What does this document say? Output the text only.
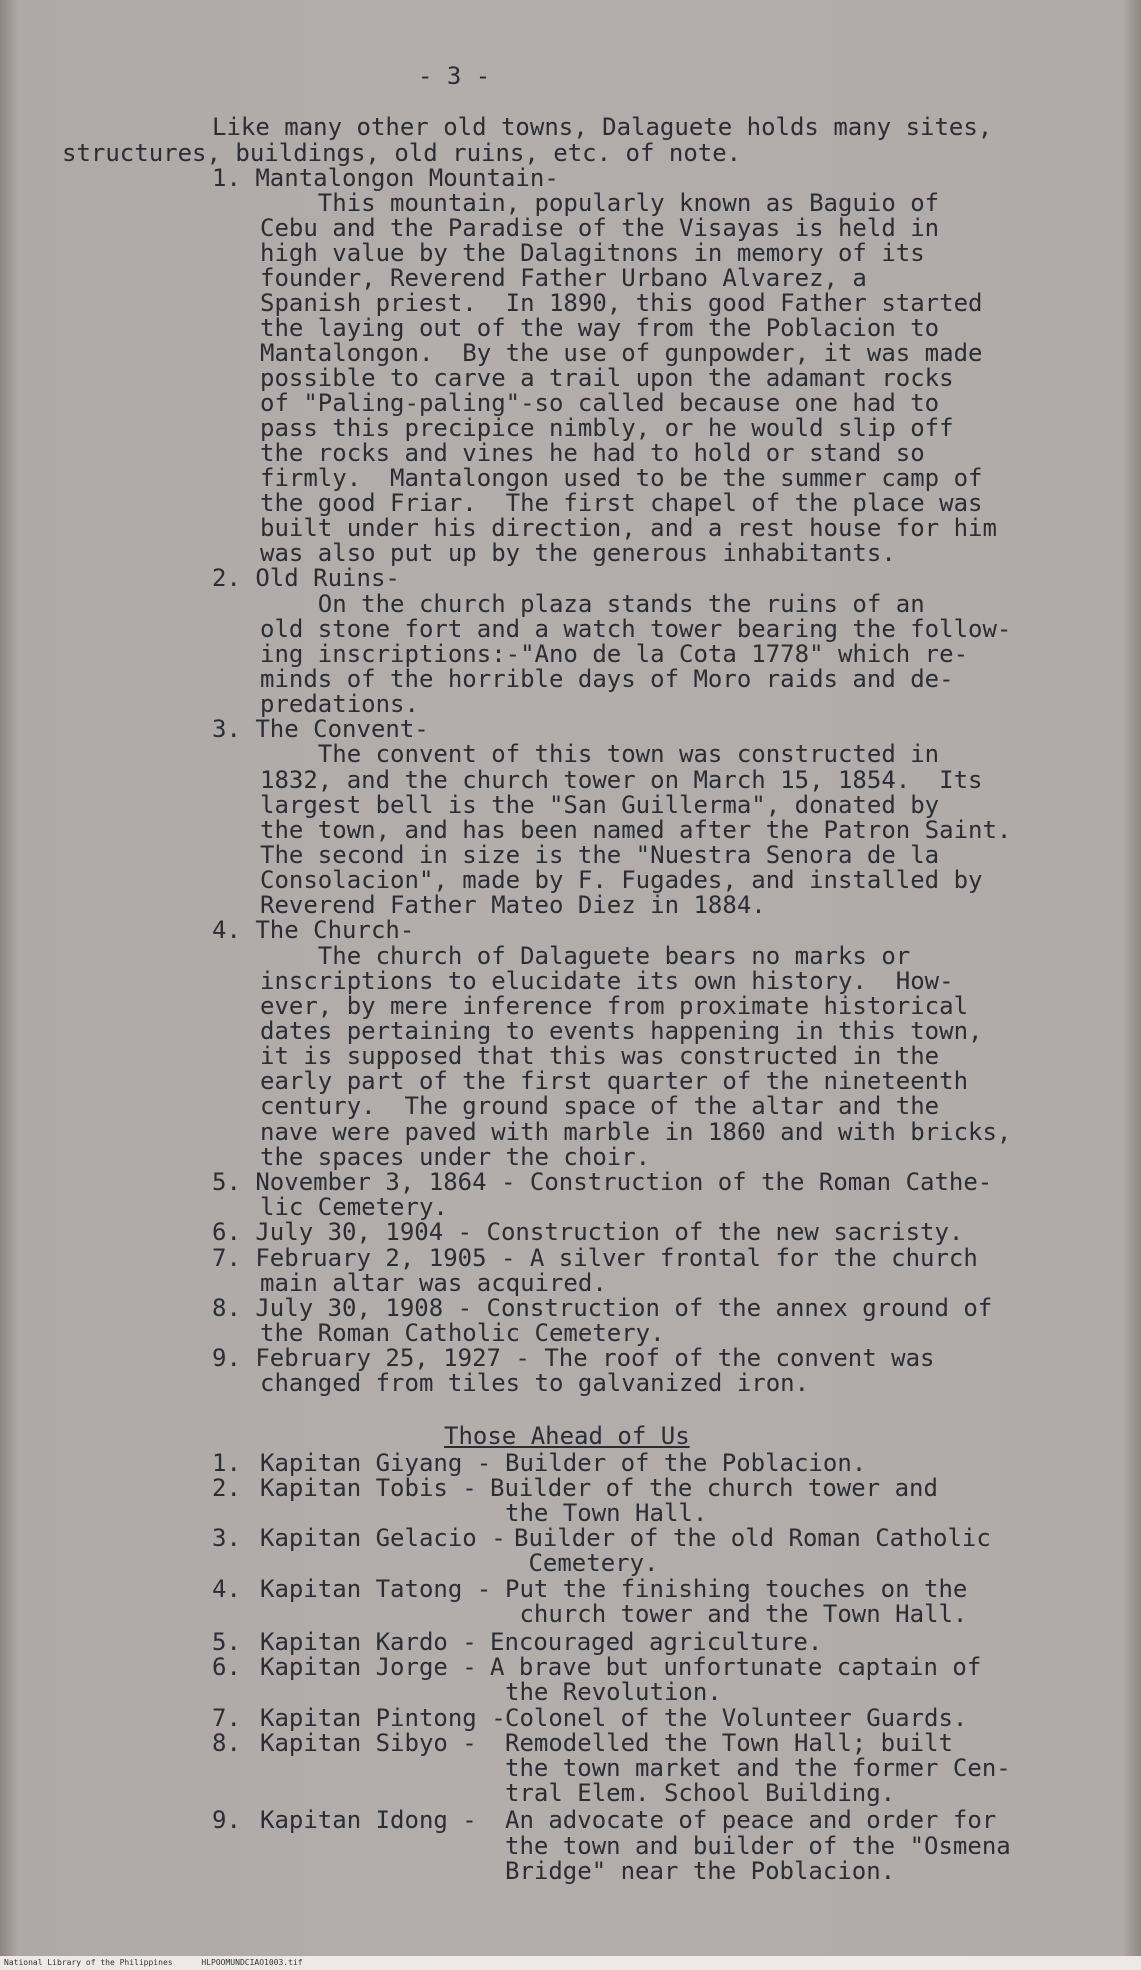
- 3 -
Like many other old towns, Dalaguete holds many sites,
structures, buildings, old ruins, etc. of note.
1. Mantalongon Mountain-
This mountain, popularly known as Baguio of
Cebu and the Paradise of the Visayas is held in
high value by the Dalagitnons in memory of its
founder, Reverend Father Urbano Alvarez, a
Spanish priest.  In 1890, this good Father started
the laying out of the way from the Poblacion to
Mantalongon.  By the use of gunpowder, it was made
possible to carve a trail upon the adamant rocks
of "Paling-paling"-so called because one had to
pass this precipice nimbly, or he would slip off
the rocks and vines he had to hold or stand so
firmly.  Mantalongon used to be the summer camp of
the good Friar.  The first chapel of the place was
built under his direction, and a rest house for him
was also put up by the generous inhabitants.
2. Old Ruins-
On the church plaza stands the ruins of an
old stone fort and a watch tower bearing the follow-
ing inscriptions:-"Ano de la Cota 1778" which re-
minds of the horrible days of Moro raids and de-
predations.
3. The Convent-
The convent of this town was constructed in
1832, and the church tower on March 15, 1854.  Its
largest bell is the "San Guillerma", donated by
the town, and has been named after the Patron Saint.
The second in size is the "Nuestra Senora de la
Consolacion", made by F. Fugades, and installed by
Reverend Father Mateo Diez in 1884.
4. The Church-
The church of Dalaguete bears no marks or
inscriptions to elucidate its own history.  How-
ever, by mere inference from proximate historical
dates pertaining to events happening in this town,
it is supposed that this was constructed in the
early part of the first quarter of the nineteenth
century.  The ground space of the altar and the
nave were paved with marble in 1860 and with bricks,
the spaces under the choir.
5. November 3, 1864 - Construction of the Roman Cathe-
lic Cemetery.
6. July 30, 1904 - Construction of the new sacristy.
7. February 2, 1905 - A silver frontal for the church
main altar was acquired.
8. July 30, 1908 - Construction of the annex ground of
the Roman Catholic Cemetery.
9. February 25, 1927 - The roof of the convent was
changed from tiles to galvanized iron.
Those Ahead of Us
1. Kapitan Giyang - Builder of the Poblacion.
2. Kapitan Tobis - Builder of the church tower and
the Town Hall.
3. Kapitan Gelacio - Builder of the old Roman Catholic
Cemetery.
4. Kapitan Tatong - Put the finishing touches on the
church tower and the Town Hall.
5. Kapitan Kardo - Encouraged agriculture.
6. Kapitan Jorge - A brave but unfortunate captain of
the Revolution.
7. Kapitan Pintong - Colonel of the Volunteer Guards.
8. Kapitan Sibyo - Remodelled the Town Hall; built
the town market and the former Cen-
tral Elem. School Building.
9. Kapitan Idong - An advocate of peace and order for
the town and builder of the "Osmena
Bridge" near the Poblacion.
National Library of the Philippines	HLPOOMUNDCIAO1003.tif
